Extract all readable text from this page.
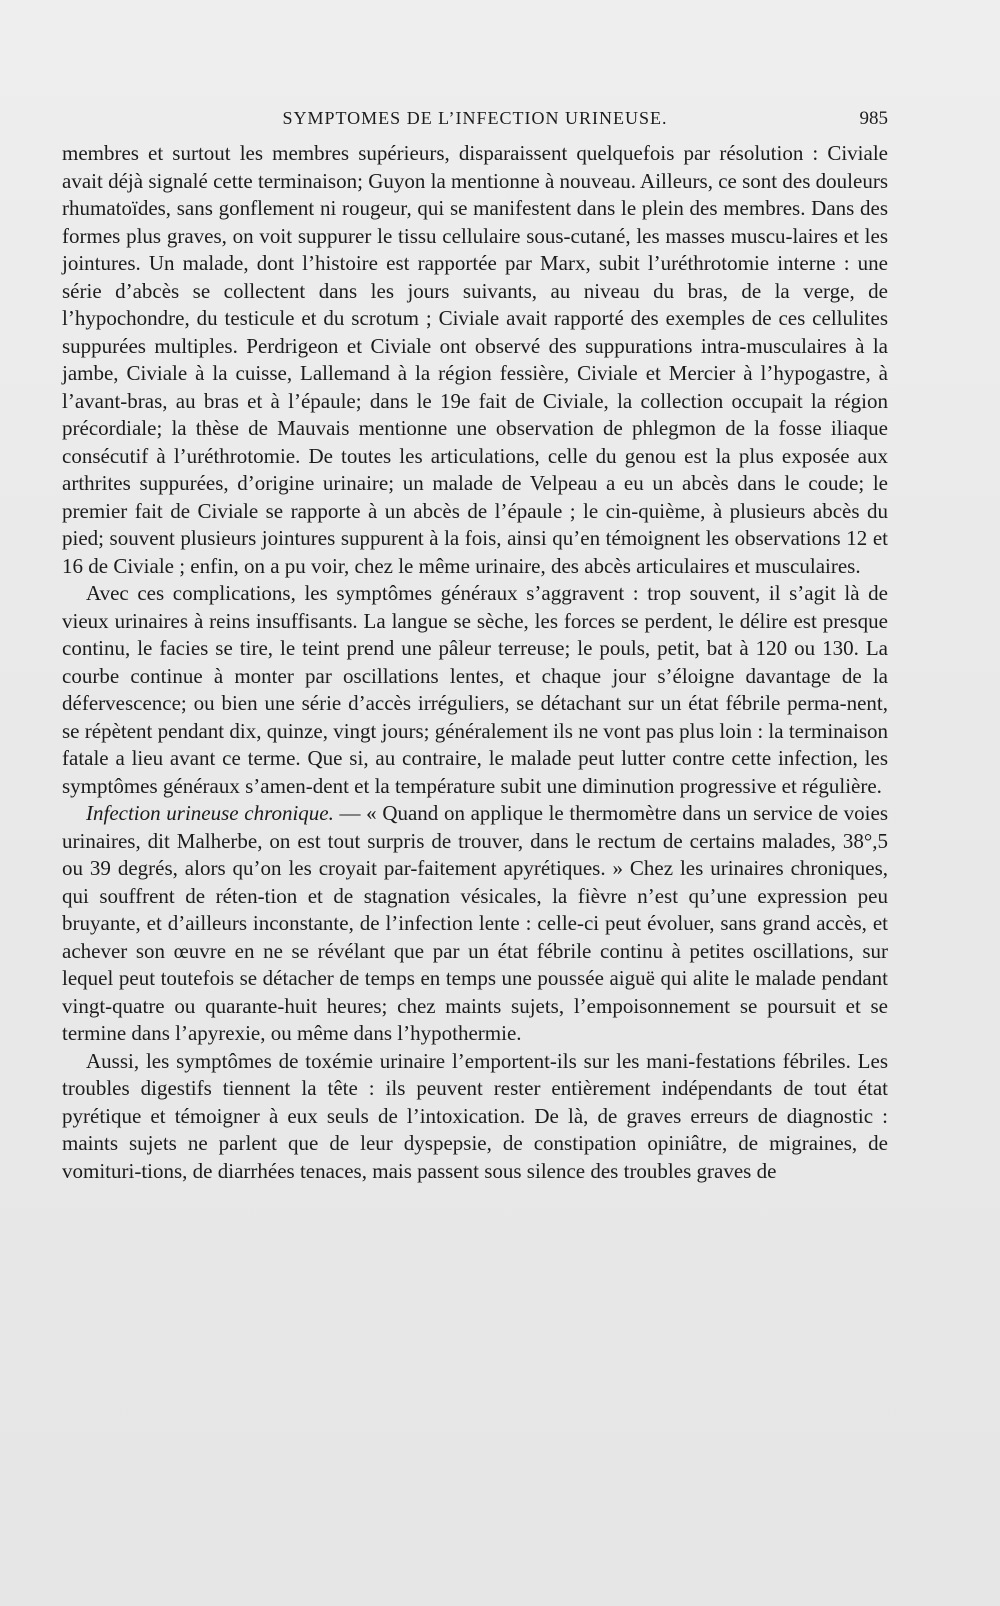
SYMPTOMES DE L’INFECTION URINEUSE.	985

membres et surtout les membres supérieurs, disparaissent quelquefois par résolution : Civiale avait déjà signalé cette terminaison; Guyon la mentionne à nouveau. Ailleurs, ce sont des douleurs rhumatoïdes, sans gonflement ni rougeur, qui se manifestent dans le plein des membres. Dans des formes plus graves, on voit suppurer le tissu cellulaire sous-cutané, les masses muscu-laires et les jointures. Un malade, dont l’histoire est rapportée par Marx, subit l’uréthrotomie interne : une série d’abcès se collectent dans les jours suivants, au niveau du bras, de la verge, de l’hypochondre, du testicule et du scrotum ; Civiale avait rapporté des exemples de ces cellulites suppurées multiples. Perdrigeon et Civiale ont observé des suppurations intra-musculaires à la jambe, Civiale à la cuisse, Lallemand à la région fessière, Civiale et Mercier à l’hypogastre, à l’avant-bras, au bras et à l’épaule; dans le 19e fait de Civiale, la collection occupait la région précordiale; la thèse de Mauvais mentionne une observation de phlegmon de la fosse iliaque consécutif à l’uréthrotomie. De toutes les articulations, celle du genou est la plus exposée aux arthrites suppurées, d’origine urinaire; un malade de Velpeau a eu un abcès dans le coude; le premier fait de Civiale se rapporte à un abcès de l’épaule ; le cin-quième, à plusieurs abcès du pied; souvent plusieurs jointures suppurent à la fois, ainsi qu’en témoignent les observations 12 et 16 de Civiale ; enfin, on a pu voir, chez le même urinaire, des abcès articulaires et musculaires.

Avec ces complications, les symptômes généraux s’aggravent : trop souvent, il s’agit là de vieux urinaires à reins insuffisants. La langue se sèche, les forces se perdent, le délire est presque continu, le facies se tire, le teint prend une pâleur terreuse; le pouls, petit, bat à 120 ou 130. La courbe continue à monter par oscillations lentes, et chaque jour s’éloigne davantage de la défervescence; ou bien une série d’accès irréguliers, se détachant sur un état fébrile perma-nent, se répètent pendant dix, quinze, vingt jours; généralement ils ne vont pas plus loin : la terminaison fatale a lieu avant ce terme. Que si, au contraire, le malade peut lutter contre cette infection, les symptômes généraux s’amen-dent et la température subit une diminution progressive et régulière.

Infection urineuse chronique. — « Quand on applique le thermomètre dans un service de voies urinaires, dit Malherbe, on est tout surpris de trouver, dans le rectum de certains malades, 38°,5 ou 39 degrés, alors qu’on les croyait par-faitement apyrétiques. » Chez les urinaires chroniques, qui souffrent de réten-tion et de stagnation vésicales, la fièvre n’est qu’une expression peu bruyante, et d’ailleurs inconstante, de l’infection lente : celle-ci peut évoluer, sans grand accès, et achever son œuvre en ne se révélant que par un état fébrile continu à petites oscillations, sur lequel peut toutefois se détacher de temps en temps une poussée aiguë qui alite le malade pendant vingt-quatre ou quarante-huit heures; chez maints sujets, l’empoisonnement se poursuit et se termine dans l’apyrexie, ou même dans l’hypothermie.

Aussi, les symptômes de toxémie urinaire l’emportent-ils sur les mani-festations fébriles. Les troubles digestifs tiennent la tête : ils peuvent rester entièrement indépendants de tout état pyrétique et témoigner à eux seuls de l’intoxication. De là, de graves erreurs de diagnostic : maints sujets ne parlent que de leur dyspepsie, de constipation opiniâtre, de migraines, de vomituri-tions, de diarrhées tenaces, mais passent sous silence des troubles graves de
